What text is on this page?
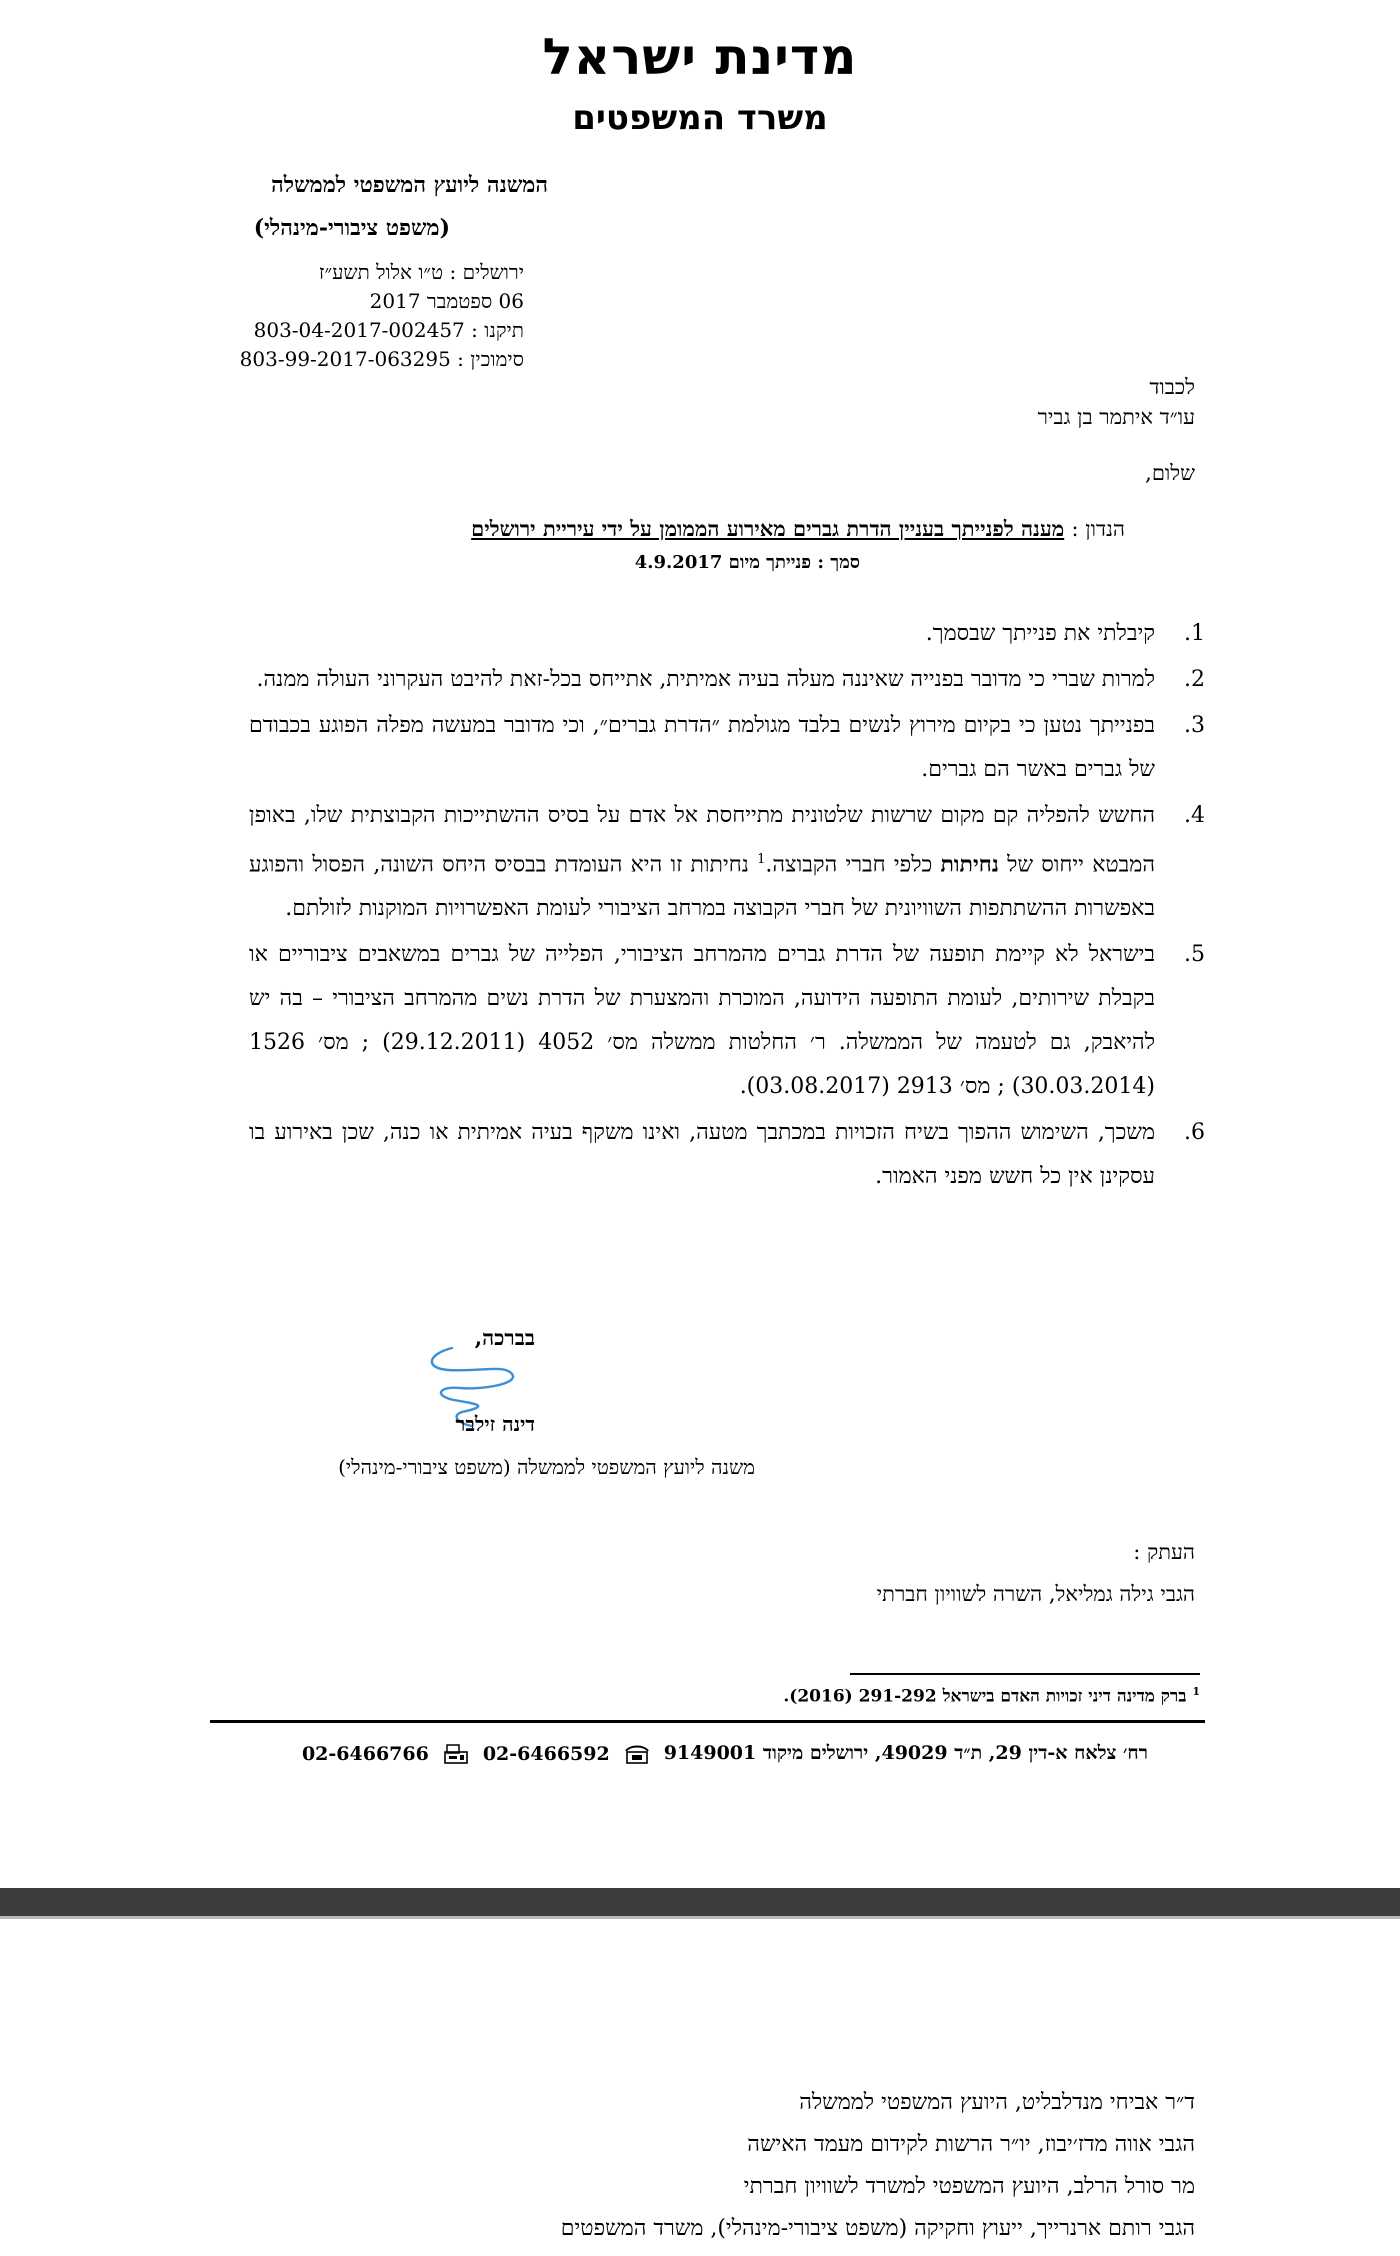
מדינת ישראל
משרד המשפטים
המשנה ליועץ המשפטי לממשלה
(משפט ציבורי-מינהלי)
ירושלים : ט״ו אלול תשע״ז
06 ספטמבר 2017
תיקנו : 803-04-2017-002457
סימוכין : 803-99-2017-063295
לכבוד
עו״ד איתמר בן גביר
שלום,
הנדון : מענה לפנייתך בעניין הדרת גברים מאירוע הממומן על ידי עיריית ירושלים
סמך : פנייתך מיום 4.9.2017
1.
קיבלתי את פנייתך שבסמך.
2.
למרות שברי כי מדובר בפנייה שאיננה מעלה בעיה אמיתית, אתייחס בכל-זאת להיבט העקרוני העולה ממנה.
3.
בפנייתך נטען כי בקיום מירוץ לנשים בלבד מגולמת ״הדרת גברים״, וכי מדובר במעשה מפלה הפוגע בכבודם של גברים באשר הם גברים.
4.
החשש להפליה קם מקום שרשות שלטונית מתייחסת אל אדם על בסיס ההשתייכות הקבוצתית שלו, באופן המבטא ייחוס של נחיתות כלפי חברי הקבוצה.$^1$ נחיתות זו היא העומדת בבסיס היחס השונה, הפסול והפוגע באפשרות ההשתתפות השוויונית של חברי הקבוצה במרחב הציבורי לעומת האפשרויות המוקנות לזולתם.
5.
בישראל לא קיימת תופעה של הדרת גברים מהמרחב הציבורי, הפלייה של גברים במשאבים ציבוריים או בקבלת שירותים, לעומת התופעה הידועה, המוכרת והמצערת של הדרת נשים מהמרחב הציבורי – בה יש להיאבק, גם לטעמה של הממשלה. ר׳ החלטות ממשלה מס׳ 4052 (29.12.2011) ; מס׳ 1526 (30.03.2014) ; מס׳ 2913 (03.08.2017).
6.
משכך, השימוש ההפוך בשיח הזכויות במכתבך מטעה, ואינו משקף בעיה אמיתית או כנה, שכן באירוע בו עסקינן אין כל חשש מפני האמור.
בברכה,
דינה זילבר
משנה ליועץ המשפטי לממשלה (משפט ציבורי-מינהלי)
העתק :
הגבי גילה גמליאל, השרה לשוויון חברתי
$^1$ ברק מדינה דיני זכויות האדם בישראל 291-292 (2016).
רח׳ צלאח א-דין 29, ת״ד 49029, ירושלים מיקוד 9149001
02-6466592
02-6466766
ד״ר אביחי מנדלבליט, היועץ המשפטי לממשלה
הגבי אווה מדז׳יבוז, יו״ר הרשות לקידום מעמד האישה
מר סורל הרלב, היועץ המשפטי למשרד לשוויון חברתי
הגבי רותם ארנרייך, ייעוץ וחקיקה (משפט ציבורי-מינהלי), משרד המשפטים
